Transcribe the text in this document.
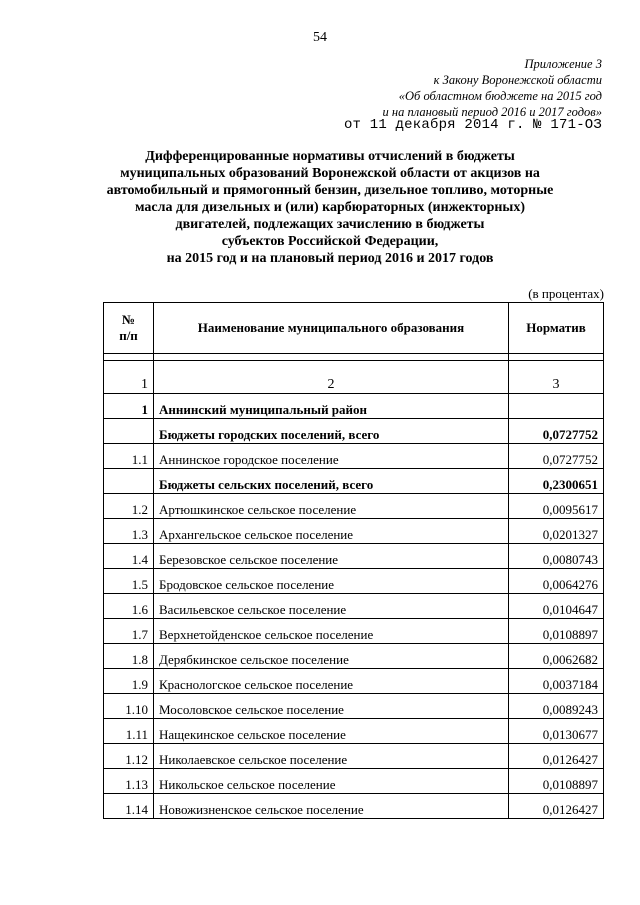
54
Приложение 3
к Закону Воронежской области
«Об областном бюджете на 2015 год
и на плановый период 2016 и 2017 годов»
от 11 декабря 2014 г. № 171-ОЗ
Дифференцированные нормативы отчислений в бюджеты
муниципальных образований Воронежской области от акцизов на
автомобильный и прямогонный бензин, дизельное топливо, моторные
масла для дизельных и (или) карбюраторных (инжекторных)
двигателей, подлежащих зачислению в бюджеты
субъектов Российской Федерации,
на 2015 год и на плановый период 2016 и 2017 годов
(в процентах)
№
п/п	Наименование муниципального образования	Норматив

1	2	3
1	Аннинский муниципальный район	
	Бюджеты городских поселений, всего	0,0727752
1.1	Аннинское городское поселение	0,0727752
	Бюджеты сельских поселений, всего	0,2300651
1.2	Артюшкинское сельское поселение	0,0095617
1.3	Архангельское сельское поселение	0,0201327
1.4	Березовское сельское поселение	0,0080743
1.5	Бродовское сельское поселение	0,0064276
1.6	Васильевское сельское поселение	0,0104647
1.7	Верхнетойденское сельское поселение	0,0108897
1.8	Дерябкинское сельское поселение	0,0062682
1.9	Краснологское сельское поселение	0,0037184
1.10	Мосоловское сельское поселение	0,0089243
1.11	Нащекинское сельское поселение	0,0130677
1.12	Николаевское сельское поселение	0,0126427
1.13	Никольское сельское поселение	0,0108897
1.14	Новожизненское сельское поселение	0,0126427
